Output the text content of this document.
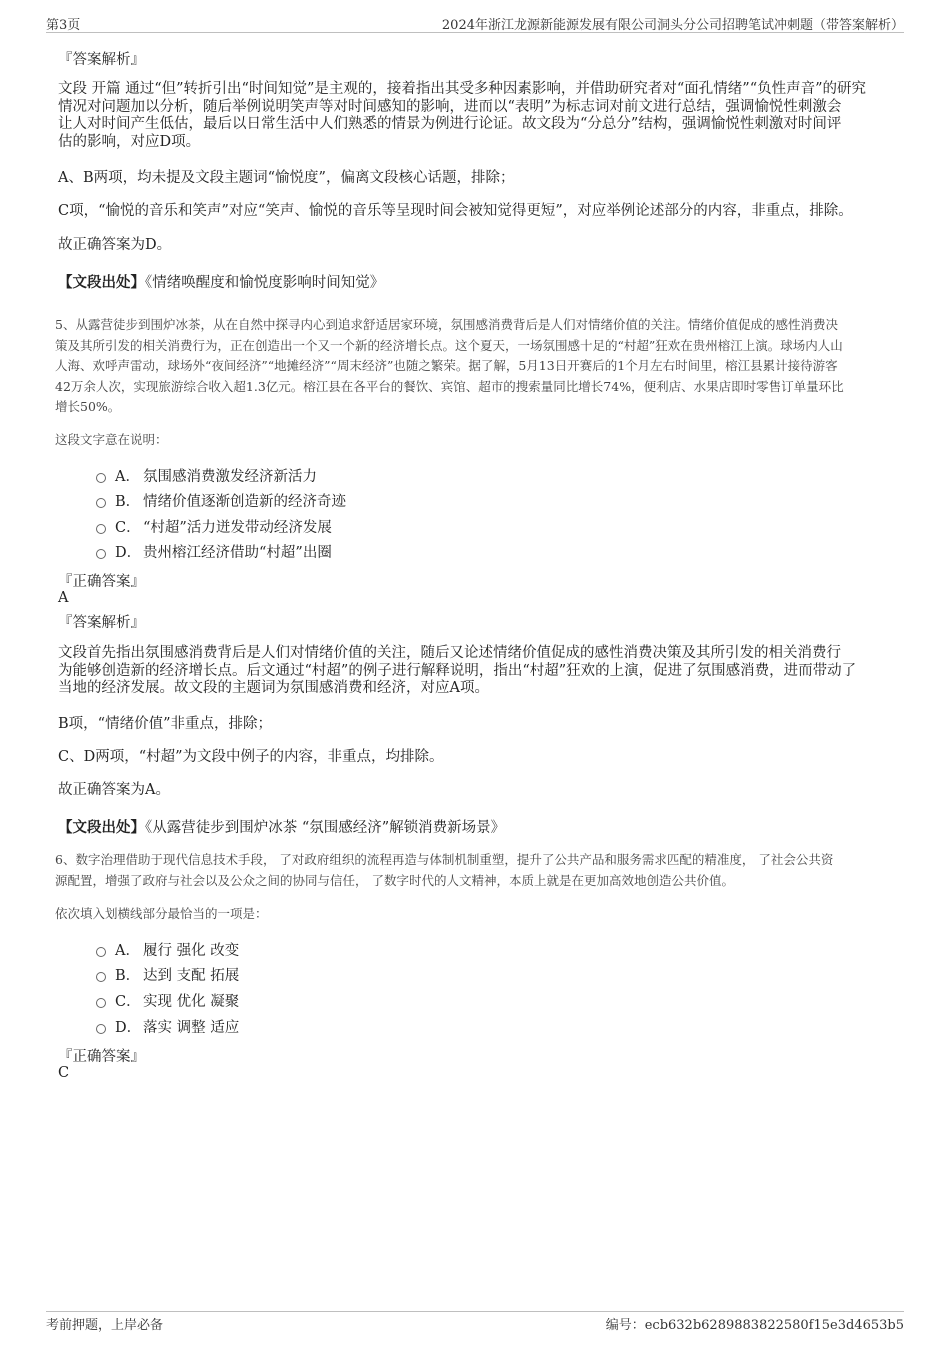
第3页	2024年浙江龙源新能源发展有限公司洞头分公司招聘笔试冲刺题（带答案解析）
『答案解析』
文段 开篇 通过“但”转折引出“时间知觉”是主观的，接着指出其受多种因素影响，并借助研究者对“面孔情绪”“负性声音”的研究
情况对问题加以分析，随后举例说明笑声等对时间感知的影响，进而以“表明”为标志词对前文进行总结，强调愉悦性刺激会
让人对时间产生低估，最后以日常生活中人们熟悉的情景为例进行论证。故文段为“分总分”结构，强调愉悦性刺激对时间评
估的影响，对应D项。
A、B两项，均未提及文段主题词“愉悦度”，偏离文段核心话题，排除；
C项，“愉悦的音乐和笑声”对应“笑声、愉悦的音乐等呈现时间会被知觉得更短”，对应举例论述部分的内容，非重点，排除。
故正确答案为D。
【文段出处】《情绪唤醒度和愉悦度影响时间知觉》
5、从露营徒步到围炉冰茶，从在自然中探寻内心到追求舒适居家环境，氛围感消费背后是人们对情绪价值的关注。情绪价值促成的感性消费决
策及其所引发的相关消费行为，正在创造出一个又一个新的经济增长点。这个夏天，一场氛围感十足的“村超”狂欢在贵州榕江上演。球场内人山
人海、欢呼声雷动，球场外“夜间经济”“地摊经济”“周末经济”也随之繁荣。据了解，5月13日开赛后的1个月左右时间里，榕江县累计接待游客
42万余人次，实现旅游综合收入超1.3亿元。榕江县在各平台的餐饮、宾馆、超市的搜索量同比增长74%，便利店、水果店即时零售订单量环比
增长50%。
这段文字意在说明：
A． 氛围感消费激发经济新活力
B． 情绪价值逐渐创造新的经济奇迹
C． “村超”活力迸发带动经济发展
D． 贵州榕江经济借助“村超”出圈
『正确答案』
A
『答案解析』
文段首先指出氛围感消费背后是人们对情绪价值的关注，随后又论述情绪价值促成的感性消费决策及其所引发的相关消费行
为能够创造新的经济增长点。后文通过“村超”的例子进行解释说明，指出“村超”狂欢的上演，促进了氛围感消费，进而带动了
当地的经济发展。故文段的主题词为氛围感消费和经济，对应A项。
B项，“情绪价值”非重点，排除；
C、D两项，“村超”为文段中例子的内容，非重点，均排除。
故正确答案为A。
【文段出处】《从露营徒步到围炉冰茶 “氛围感经济”解锁消费新场景》
6、数字治理借助于现代信息技术手段， 了对政府组织的流程再造与体制机制重塑，提升了公共产品和服务需求匹配的精准度， 了社会公共资
源配置，增强了政府与社会以及公众之间的协同与信任， 了数字时代的人文精神，本质上就是在更加高效地创造公共价值。
依次填入划横线部分最恰当的一项是：
A． 履行 强化 改变
B． 达到 支配 拓展
C． 实现 优化 凝聚
D． 落实 调整 适应
『正确答案』
C
考前押题，上岸必备	编号：ecb632b6289883822580f15e3d4653b5
